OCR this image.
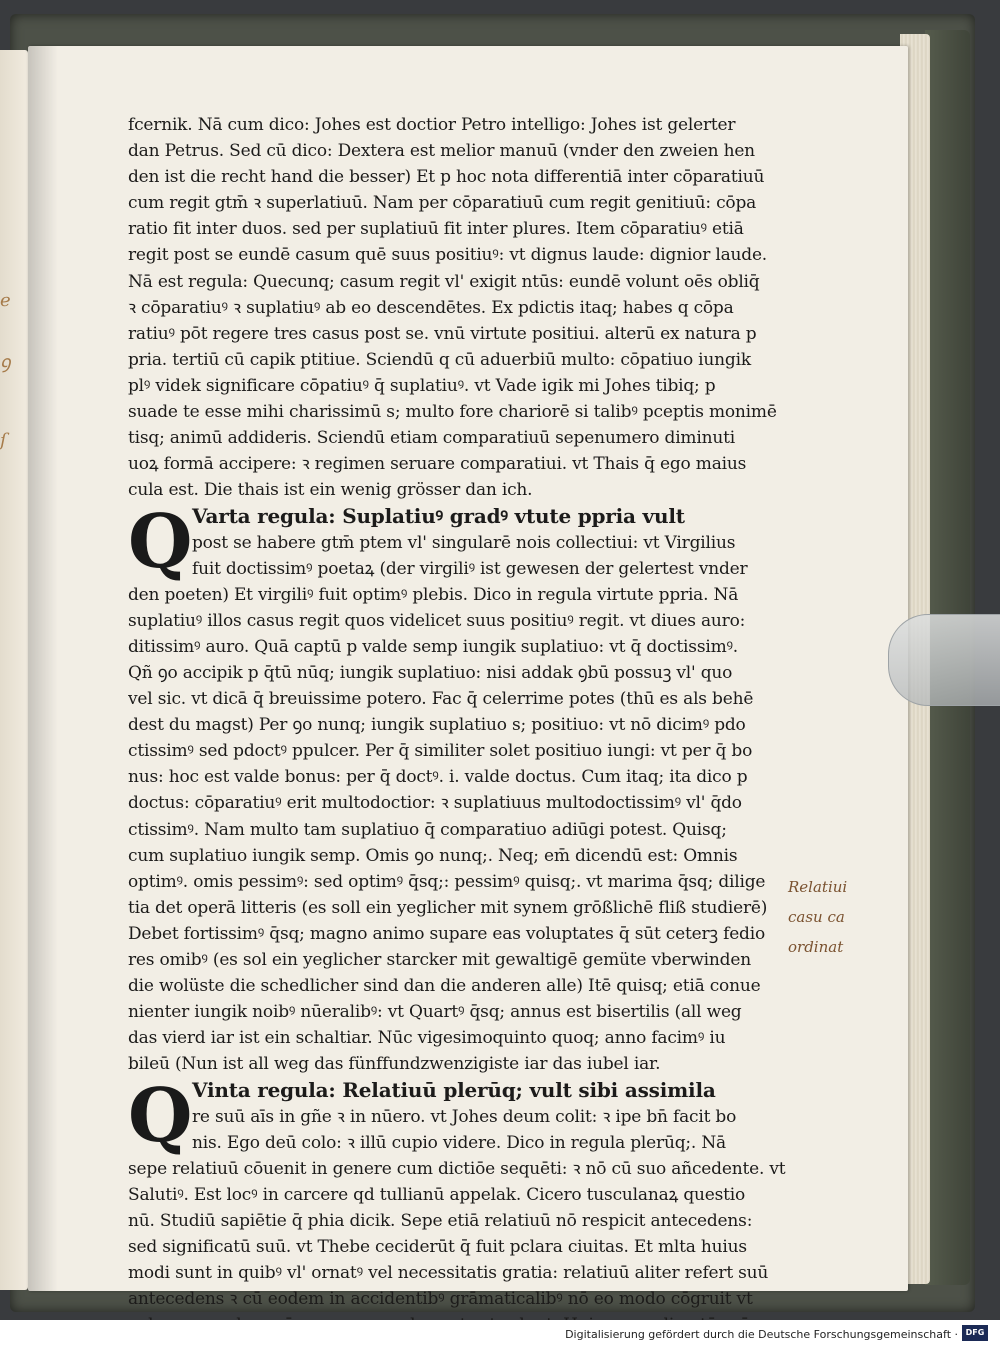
e
ꝯ
ſ
fcernik. Nā cum dico: Johes est doctior Petro intelligo: Johes ist gelerter
dan Petrus. Sed cū dico: Dextera est melior manuū (vnder den zweien hen
den ist die recht hand die besser) Et p hoc nota differentiā inter cōparatiuū
cum regit gtm̄ ꝛ superlatiuū. Nam per cōparatiuū cum regit genitiuū: cōpa
ratio fit inter duos. sed per suplatiuū fit inter plures. Item cōparatiuꝰ etiā
regit post se eundē casum quē suus positiuꝰ: vt dignus laude: dignior laude.
Nā est regula: Quecunq; casum regit vl' exigit ntūs: eundē volunt oēs obliq̄
ꝛ cōparatiuꝰ ꝛ suplatiuꝰ ab eo descendētes. Ex pdictis itaq; habes q cōpa
ratiuꝰ pōt regere tres casus post se. vnū virtute positiui. alterū ex natura p
pria. tertiū cū capik ptitiue. Sciendū q cū aduerbiū multo: cōpatiuo iungik
plꝰ videk significare cōpatiuꝰ q̄ suplatiuꝰ. vt Vade igik mi Johes tibiq; p
suade te esse mihi charissimū s; multo fore chariorē si talibꝰ pceptis monimē
tisq; animū addideris. Sciendū etiam comparatiuū sepenumero diminuti
uoꝝ formā accipere: ꝛ regimen seruare comparatiui. vt Thais q̄ ego maius
cula est. Die thais ist ein wenig grösser dan ich.
Q Varta regula: Suplatiuꝰ gradꝰ vtute ppria vult
post se habere gtm̄ ptem vl' singularē nois collectiui: vt Virgilius
fuit doctissimꝰ poetaꝝ (der virgiliꝰ ist gewesen der gelertest vnder
den poeten) Et virgiliꝰ fuit optimꝰ plebis. Dico in regula virtute ppria. Nā
suplatiuꝰ illos casus regit quos videlicet suus positiuꝰ regit. vt diues auro:
ditissimꝰ auro. Quā captū p valde semp iungik suplatiuo: vt q̄ doctissimꝰ.
Qñ ꝯo accipik p q̄tū nūq; iungik suplatiuo: nisi addak ꝯbū possuꝫ vl' quo
vel sic. vt dicā q̄ breuissime potero. Fac q̄ celerrime potes (thū es als behē
dest du magst) Per ꝯo nunq; iungik suplatiuo s; positiuo: vt nō dicimꝰ pdo
ctissimꝰ sed pdoctꝰ ppulcer. Per q̄ similiter solet positiuo iungi: vt per q̄ bo
nus: hoc est valde bonus: per q̄ doctꝰ. i. valde doctus. Cum itaq; ita dico p
doctus: cōparatiuꝰ erit multodoctior: ꝛ suplatiuus multodoctissimꝰ vl' q̄do
ctissimꝰ. Nam multo tam suplatiuo q̄ comparatiuo adiūgi potest. Quisq;
cum suplatiuo iungik semp. Omis ꝯo nunq;. Neq; em̄ dicendū est: Omnis
optimꝰ. omis pessimꝰ: sed optimꝰ q̄sq;: pessimꝰ quisq;. vt marima q̄sq; dilige
tia det operā litteris (es soll ein yeglicher mit synem grōßlichē fliß studierē)
Debet fortissimꝰ q̄sq; magno animo supare eas voluptates q̄ sūt ceterꝫ fedio
res omibꝰ (es sol ein yeglicher starcker mit gewaltigē gemüte vberwinden
die wolüste die schedlicher sind dan die anderen alle) Itē quisq; etiā conue
nienter iungik noibꝰ nūeralibꝰ: vt Quartꝰ q̄sq; annus est bisertilis (all weg
das vierd iar ist ein schaltiar. Nūc vigesimoquinto quoq; anno facimꝰ iu
bileū (Nun ist all weg das fünffundzwenzigiste iar das iubel iar.
Q Vinta regula: Relatiuū plerūq; vult sibi assimila
re suū aīs in gñe ꝛ in nūero. vt Johes deum colit: ꝛ ipe bn̄ facit bo
nis. Ego deū colo: ꝛ illū cupio videre. Dico in regula plerūq;. Nā
sepe relatiuū cōuenit in genere cum dictiōe sequēti: ꝛ nō cū suo añcedente. vt
Salutiꝰ. Est locꝰ in carcere qd tullianū appelak. Cicero tusculanaꝝ questio
nū. Studiū sapiētie q̄ phia dicik. Sepe etiā relatiuū nō respicit antecedens:
sed significatū suū. vt Thebe ceciderūt q̄ fuit pclara ciuitas. Et mlta huius
modi sunt in quibꝰ vl' ornatꝰ vel necessitatis gratia: relatiuū aliter refert suū
antecedens ꝛ cū eodem in accidentibꝰ grāmaticalibꝰ nō eo modo cōgruit vt
Relatiui
casu ca
ordinat
Digitalisierung gefördert durch die Deutsche Forschungsgemeinschaft · DFG
